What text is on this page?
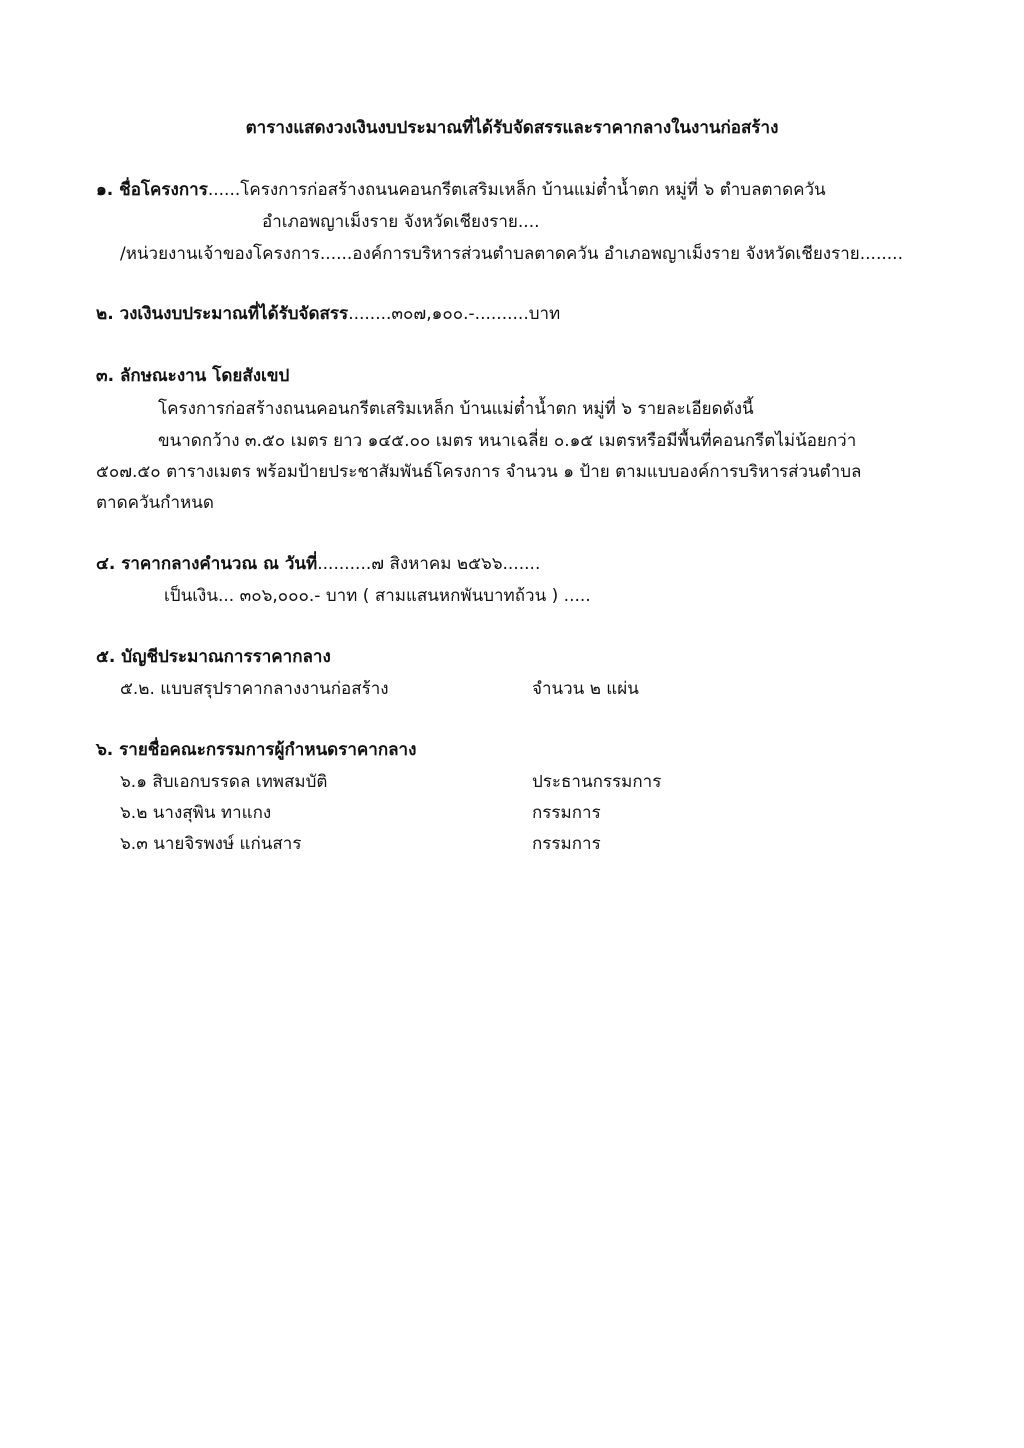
ตารางแสดงวงเงินงบประมาณที่ได้รับจัดสรรและราคากลางในงานก่อสร้าง
๑. ชื่อโครงการ......โครงการก่อสร้างถนนคอนกรีตเสริมเหล็ก บ้านแม่ต๋ำน้ำตก หมู่ที่ ๖ ตำบลตาดควัน
อำเภอพญาเม็งราย จังหวัดเชียงราย....
/หน่วยงานเจ้าของโครงการ......องค์การบริหารส่วนตำบลตาดควัน อำเภอพญาเม็งราย จังหวัดเชียงราย........
๒. วงเงินงบประมาณที่ได้รับจัดสรร........๓๐๗,๑๐๐.-..........บาท
๓. ลักษณะงาน โดยสังเขป
โครงการก่อสร้างถนนคอนกรีตเสริมเหล็ก บ้านแม่ต๋ำน้ำตก หมู่ที่ ๖ รายละเอียดดังนี้
ขนาดกว้าง ๓.๕๐ เมตร ยาว ๑๔๕.๐๐ เมตร หนาเฉลี่ย ๐.๑๕ เมตรหรือมีพื้นที่คอนกรีตไม่น้อยกว่า
๕๐๗.๕๐ ตารางเมตร พร้อมป้ายประชาสัมพันธ์โครงการ จำนวน ๑ ป้าย ตามแบบองค์การบริหารส่วนตำบล
ตาดควันกำหนด
๔. ราคากลางคำนวณ ณ วันที่..........๗ สิงหาคม ๒๕๖๖.......
เป็นเงิน... ๓๐๖,๐๐๐.- บาท ( สามแสนหกพันบาทถ้วน ) .....
๕. บัญชีประมาณการราคากลาง
๕.๒. แบบสรุปราคากลางงานก่อสร้าง	จำนวน ๒ แผ่น
๖. รายชื่อคณะกรรมการผู้กำหนดราคากลาง
๖.๑ สิบเอกบรรดล เทพสมบัติ	ประธานกรรมการ
๖.๒ นางสุพิน ทาแกง	กรรมการ
๖.๓ นายจิรพงษ์ แก่นสาร	กรรมการ
